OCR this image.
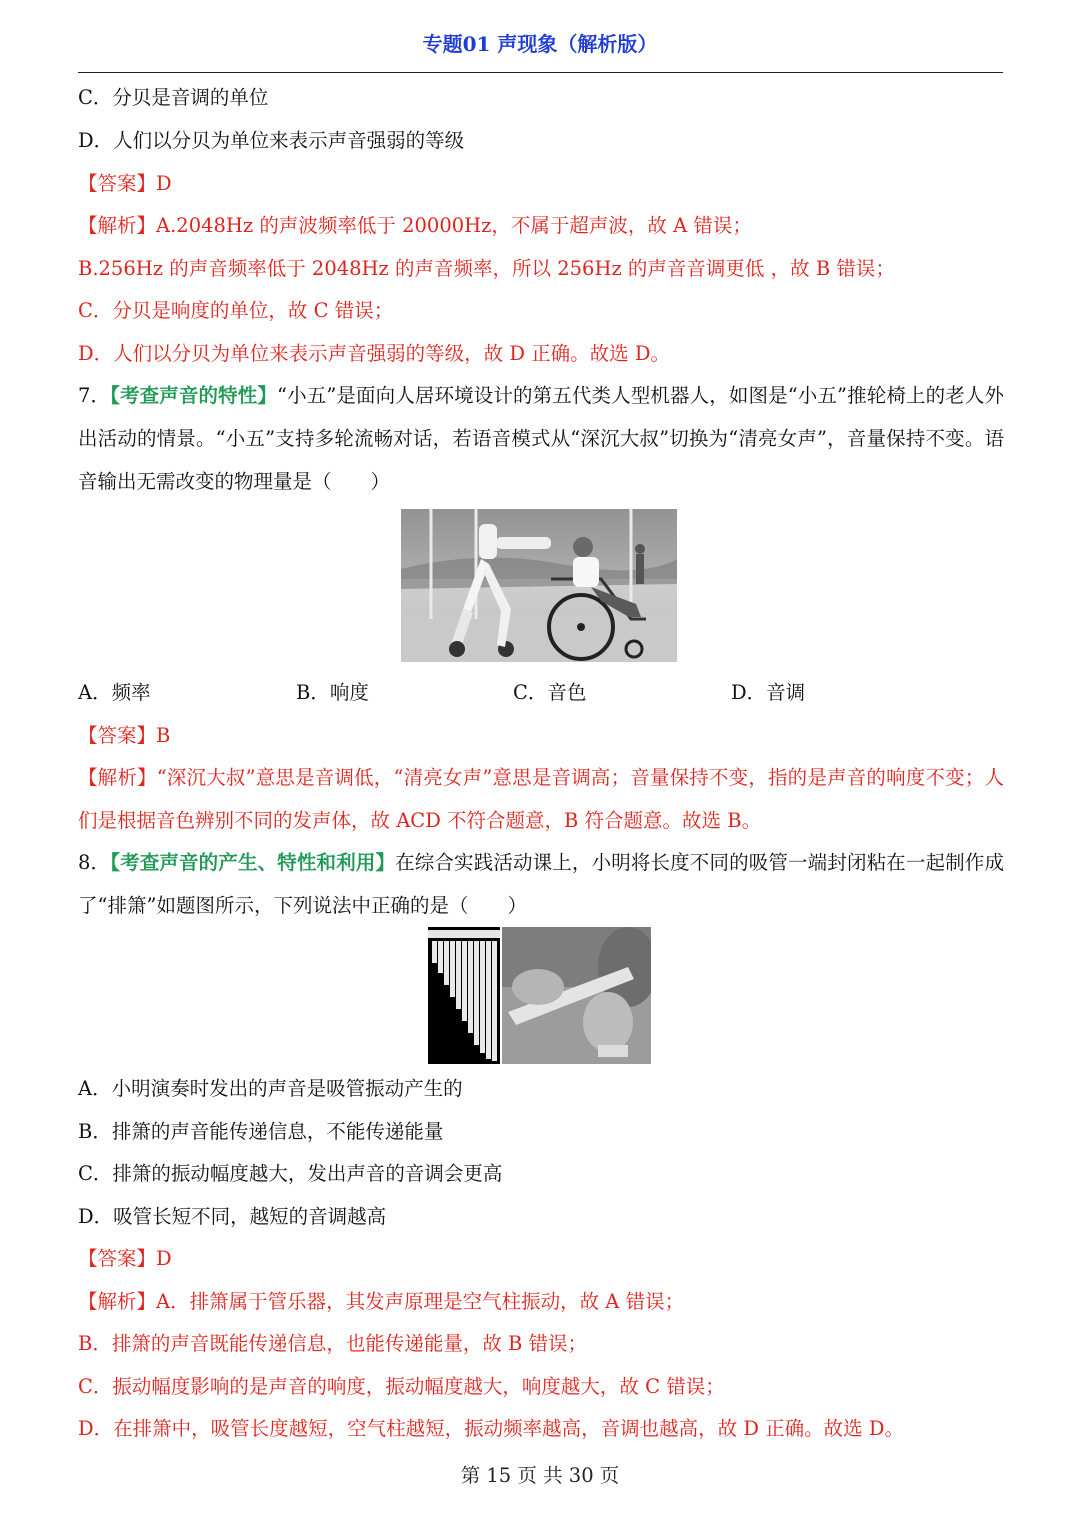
专题01 声现象（解析版）
C．分贝是音调的单位
D．人们以分贝为单位来表示声音强弱的等级
【答案】D
【解析】A.2048Hz 的声波频率低于 20000Hz，不属于超声波，故 A 错误；
B.256Hz 的声音频率低于 2048Hz 的声音频率，所以 256Hz 的声音音调更低 ，故 B 错误；
C．分贝是响度的单位，故 C 错误；
D．人们以分贝为单位来表示声音强弱的等级，故 D 正确。故选 D。
7．【考查声音的特性】“小五”是面向人居环境设计的第五代类人型机器人，如图是“小五”推轮椅上的老人外出活动的情景。“小五”支持多轮流畅对话，若语音模式从“深沉大叔”切换为“清亮女声”，音量保持不变。语音输出无需改变的物理量是（　　）
A．频率	B．响度	C．音色	D．音调
【答案】B
【解析】“深沉大叔”意思是音调低，“清亮女声”意思是音调高；音量保持不变，指的是声音的响度不变；人们是根据音色辨别不同的发声体，故 ACD 不符合题意，B 符合题意。故选 B。
8．【考查声音的产生、特性和利用】在综合实践活动课上，小明将长度不同的吸管一端封闭粘在一起制作成了“排箫”如题图所示，下列说法中正确的是（　　）
A．小明演奏时发出的声音是吸管振动产生的
B．排箫的声音能传递信息，不能传递能量
C．排箫的振动幅度越大，发出声音的音调会更高
D．吸管长短不同，越短的音调越高
【答案】D
【解析】A．排箫属于管乐器，其发声原理是空气柱振动，故 A 错误；
B．排箫的声音既能传递信息，也能传递能量，故 B 错误；
C．振动幅度影响的是声音的响度，振动幅度越大，响度越大，故 C 错误；
D．在排箫中，吸管长度越短，空气柱越短，振动频率越高，音调也越高，故 D 正确。故选 D。
第 15 页 共 30 页
